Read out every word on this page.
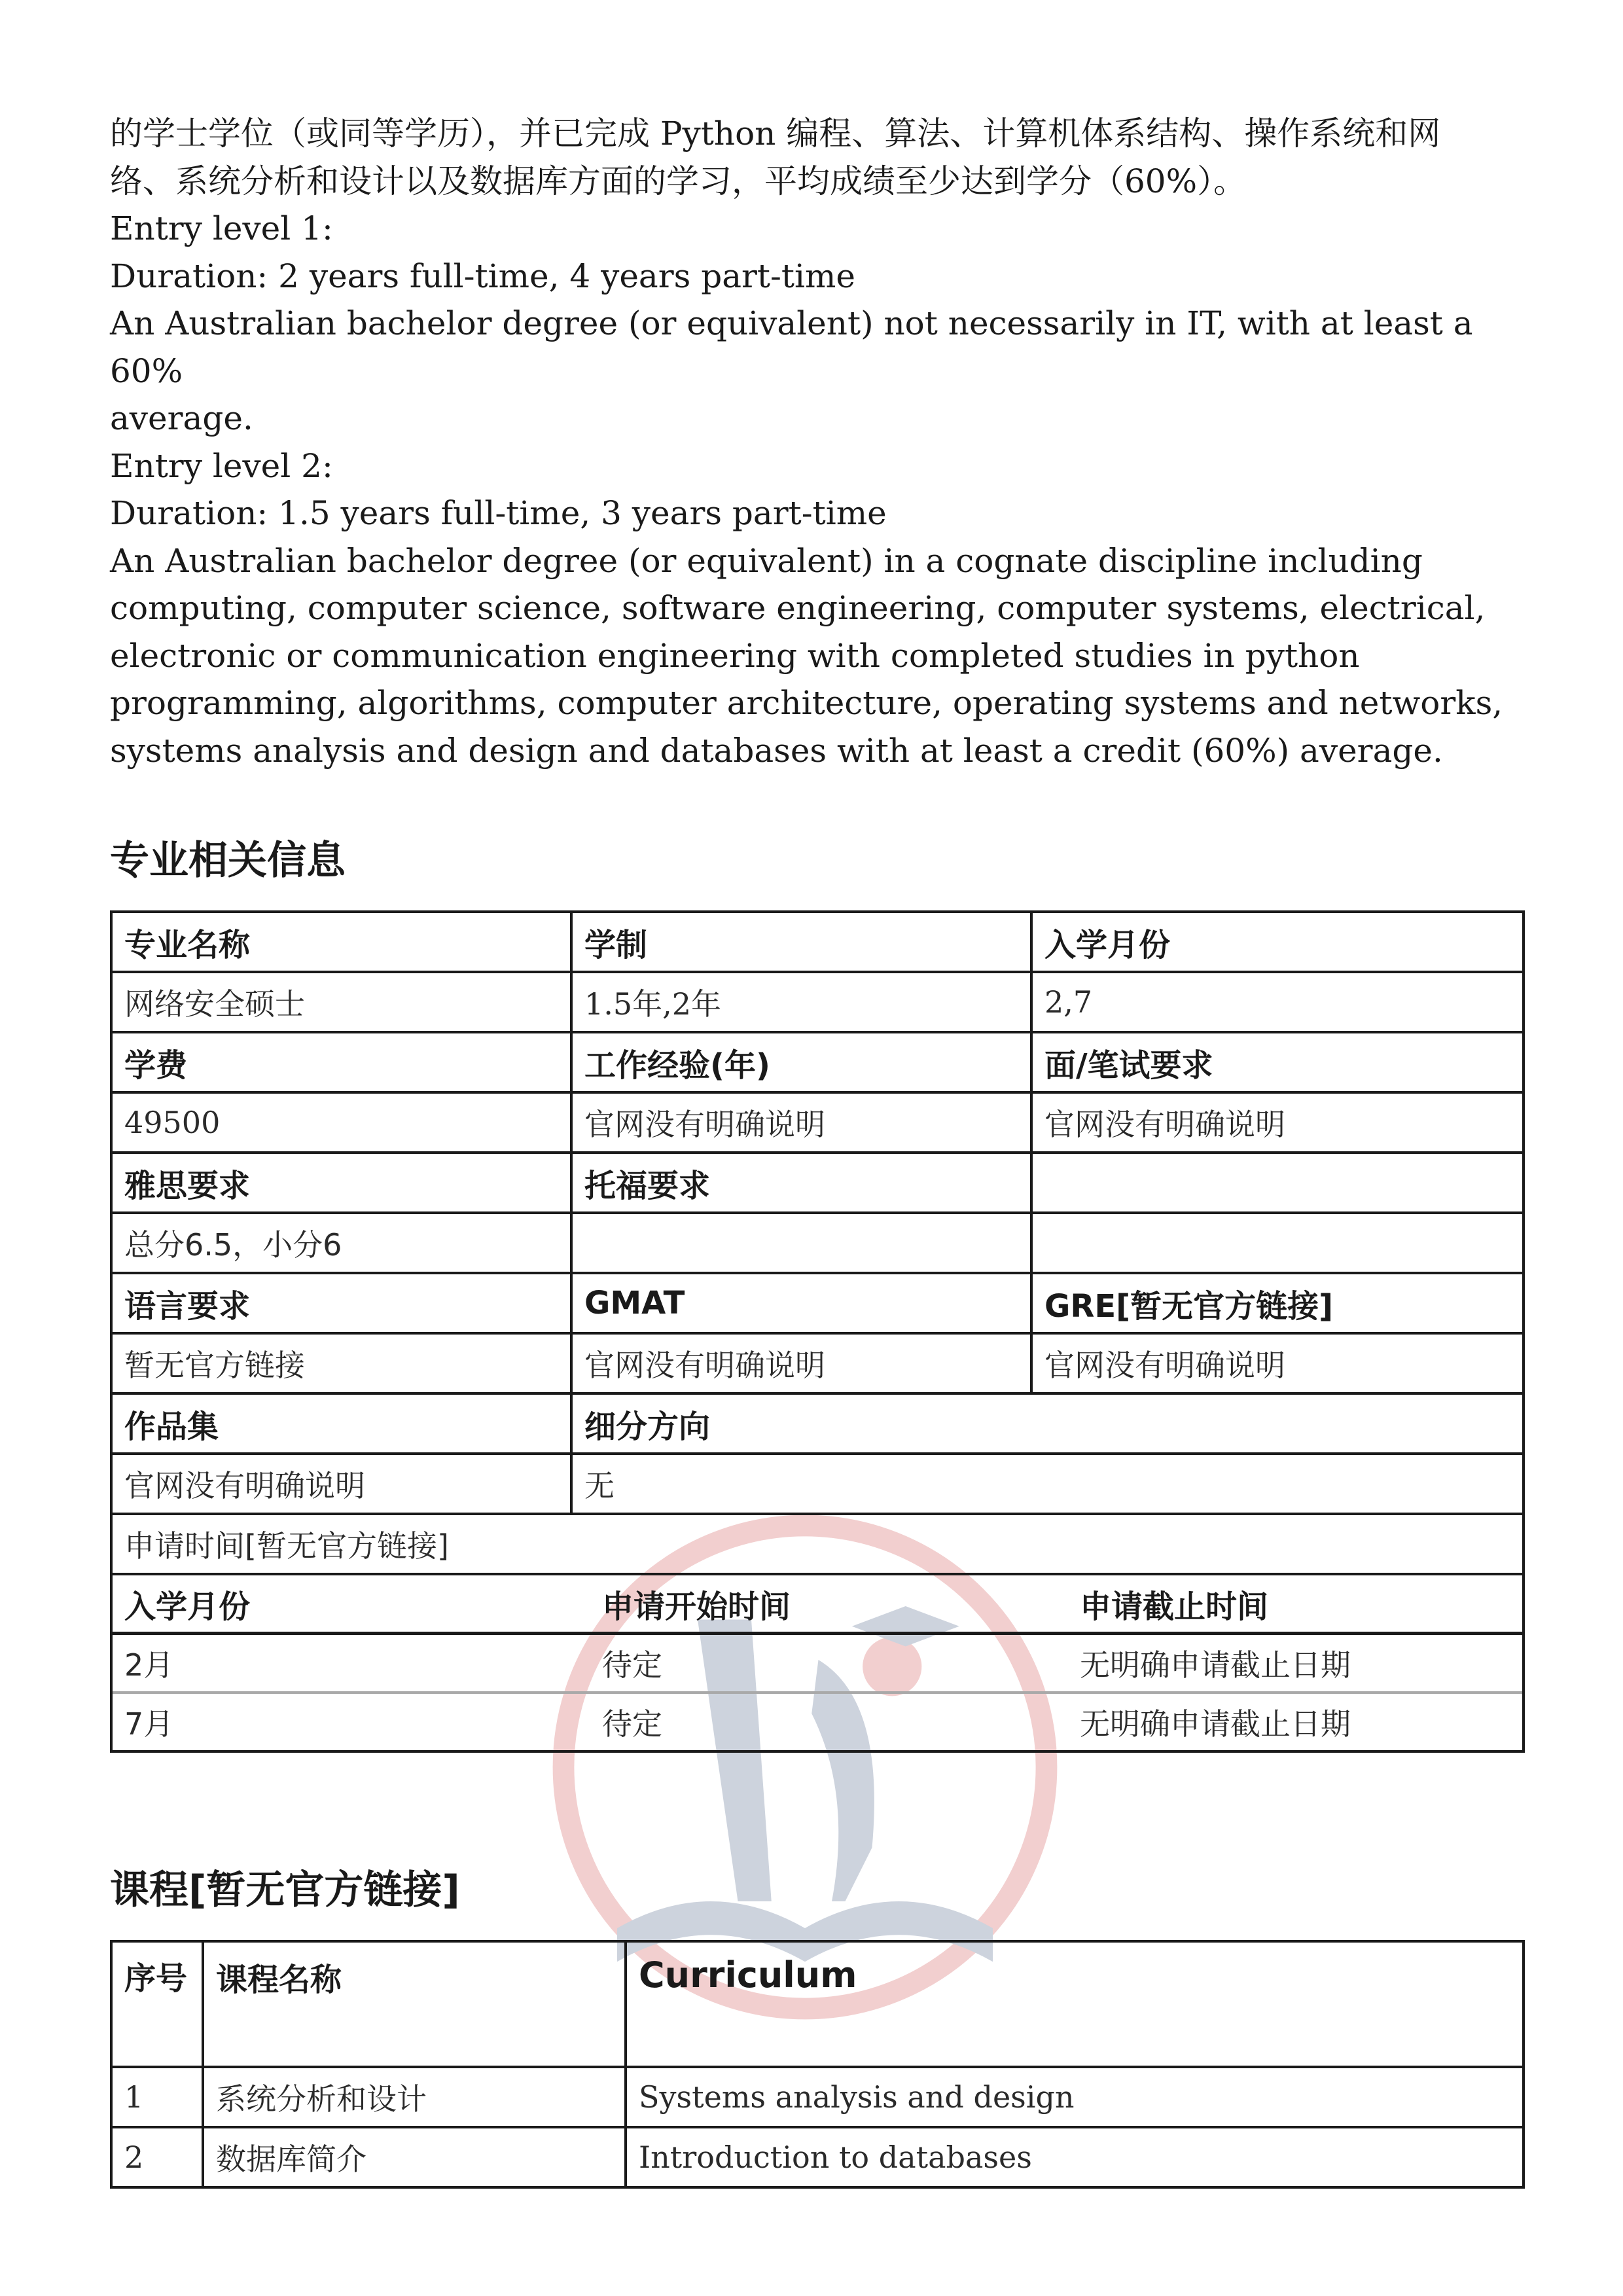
的学士学位（或同等学历），并已完成 Python 编程、算法、计算机体系结构、操作系统和网

络、系统分析和设计以及数据库方面的学习，平均成绩至少达到学分（60%）。

Entry level 1:

Duration: 2 years full-time, 4 years part-time

An Australian bachelor degree (or equivalent) not necessarily in IT, with at least a 60%

average.

Entry level 2:

Duration: 1.5 years full-time, 3 years part-time

An Australian bachelor degree (or equivalent) in a cognate discipline including

computing, computer science, software engineering, computer systems, electrical,

electronic or communication engineering with completed studies in python

programming, algorithms, computer architecture, operating systems and networks,

systems analysis and design and databases with at least a credit (60%) average.

专业相关信息
专业名称	学制	入学月份
网络安全硕士	1.5年,2年	2,7
学费	工作经验(年)	面/笔试要求
49500	官网没有明确说明	官网没有明确说明
雅思要求	托福要求	
总分6.5，小分6		
语言要求	GMAT	GRE[暂无官方链接]
暂无官方链接	官网没有明确说明	官网没有明确说明
作品集	细分方向
官网没有明确说明	无
申请时间[暂无官方链接]

入学月份	申请开始时间	申请截止时间
2月	待定	无明确申请截止日期
7月	待定	无明确申请截止日期
课程[暂无官方链接]
序号	课程名称	Curriculum
1	系统分析和设计	Systems analysis and design
2	数据库简介	Introduction to databases
